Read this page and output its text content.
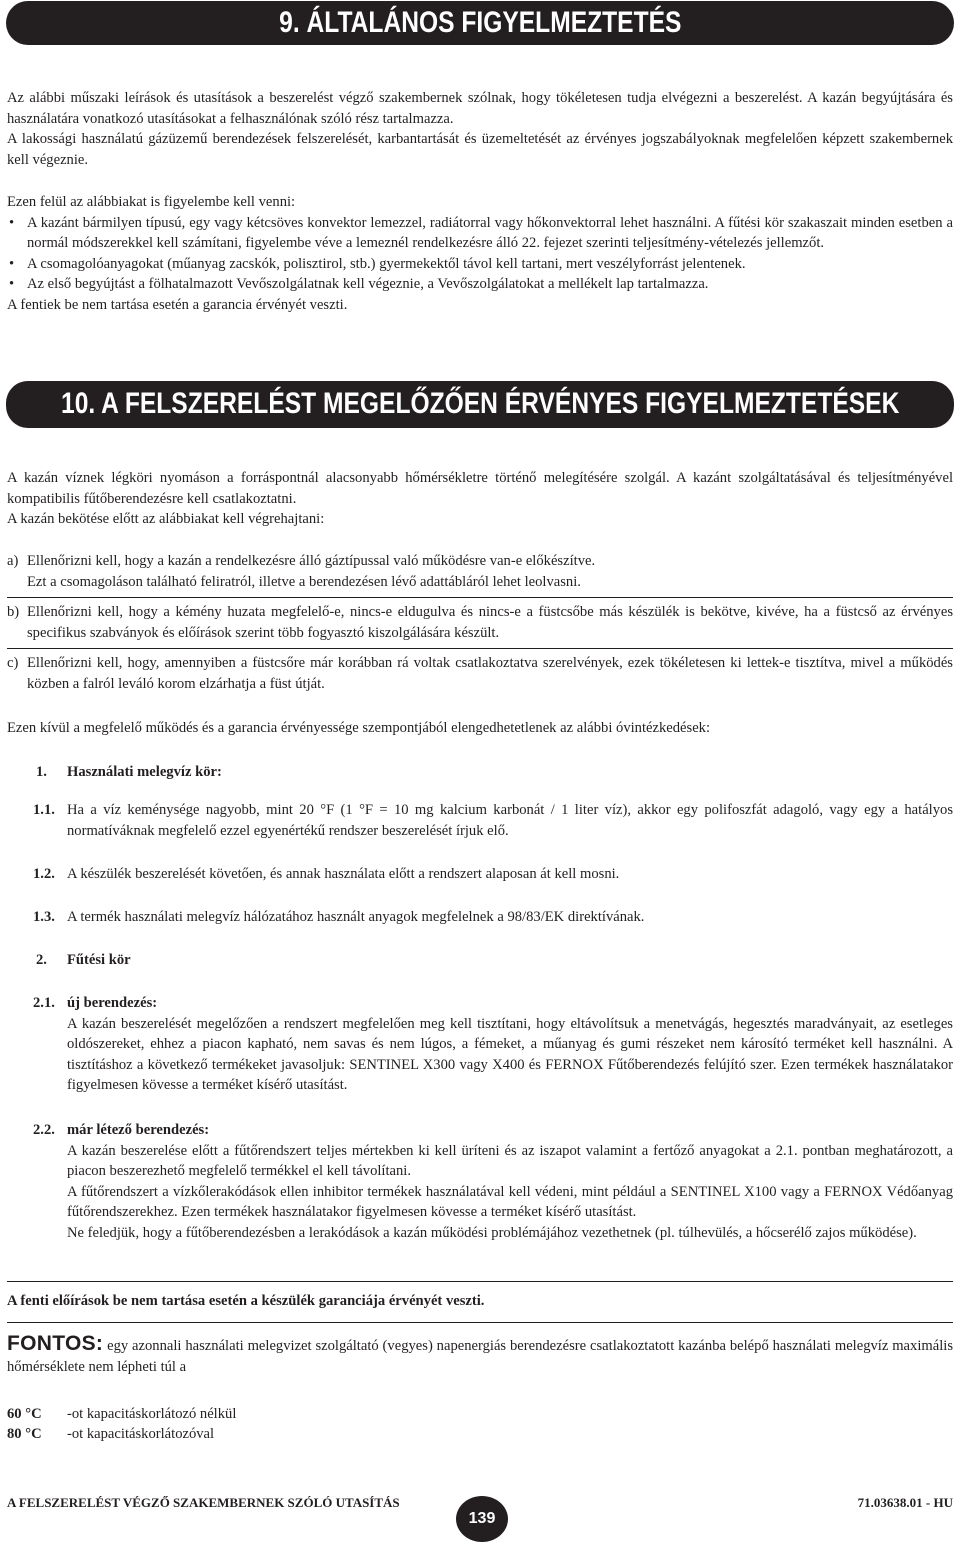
9. ÁLTALÁNOS FIGYELMEZTETÉS

Az alábbi műszaki leírások és utasítások a beszerelést végző szakembernek szólnak, hogy tökéletesen tudja elvégezni a beszerelést. A kazán begyújtására és használatára vonatkozó utasításokat a felhasználónak szóló rész tartalmazza.

A lakossági használatú gázüzemű berendezések felszerelését, karbantartását és üzemeltetését az érvényes jogszabályoknak megfelelően képzett szakembernek kell végeznie.

Ezen felül az alábbiakat is figyelembe kell venni:

• A kazánt bármilyen típusú, egy vagy kétcsöves konvektor lemezzel, radiátorral vagy hőkonvektorral lehet használni. A fűtési kör szakaszait minden esetben a normál módszerekkel kell számítani, figyelembe véve a lemeznél rendelkezésre álló 22. fejezet szerinti teljesítmény-vételezés jellemzőt.
• A csomagolóanyagokat (műanyag zacskók, polisztirol, stb.) gyermekektől távol kell tartani, mert veszélyforrást jelentenek.
• Az első begyújtást a fölhatalmazott Vevőszolgálatnak kell végeznie, a Vevőszolgálatokat a mellékelt lap tartalmazza.

A fentiek be nem tartása esetén a garancia érvényét veszti.

10. A FELSZERELÉST MEGELŐZŐEN ÉRVÉNYES FIGYELMEZTETÉSEK

A kazán víznek légköri nyomáson a forráspontnál alacsonyabb hőmérsékletre történő melegítésére szolgál. A kazánt szolgáltatásával és teljesítményével kompatibilis fűtőberendezésre kell csatlakoztatni.

A kazán bekötése előtt az alábbiakat kell végrehajtani:

a) Ellenőrizni kell, hogy a kazán a rendelkezésre álló gáztípussal való működésre van-e előkészítve.

Ezt a csomagoláson található feliratról, illetve a berendezésen lévő adattábláról lehet leolvasni.

b) Ellenőrizni kell, hogy a kémény huzata megfelelő-e, nincs-e eldugulva és nincs-e a füstcsőbe más készülék is bekötve, kivéve, ha a füstcső az érvényes specifikus szabványok és előírások szerint több fogyasztó kiszolgálására készült.

c) Ellenőrizni kell, hogy, amennyiben a füstcsőre már korábban rá voltak csatlakoztatva szerelvények, ezek tökéletesen ki lettek-e tisztítva, mivel a működés közben a falról leváló korom elzárhatja a füst útját.

Ezen kívül a megfelelő működés és a garancia érvényessége szempontjából elengedhetetlenek az alábbi óvintézkedések:

1. Használati melegvíz kör:
1.1. Ha a víz keménysége nagyobb, mint 20 °F (1 °F = 10 mg kalcium karbonát / 1 liter víz), akkor egy polifoszfát adagoló, vagy egy a hatályos normatíváknak megfelelő ezzel egyenértékű rendszer beszerelését írjuk elő.
1.2. A készülék beszerelését követően, és annak használata előtt a rendszert alaposan át kell mosni.
1.3. A termék használati melegvíz hálózatához használt anyagok megfelelnek a 98/83/EK direktívának.
2. Fűtési kör
2.1. új berendezés:

A kazán beszerelését megelőzően a rendszert megfelelően meg kell tisztítani, hogy eltávolítsuk a menetvágás, hegesztés maradványait, az esetleges oldószereket, ehhez a piacon kapható, nem savas és nem lúgos, a fémeket, a műanyag és gumi részeket nem károsító terméket kell használni. A tisztításhoz a következő termékeket javasoljuk: SENTINEL X300 vagy X400 és FERNOX Fűtőberendezés felújító szer. Ezen termékek használatakor figyelmesen kövesse a terméket kísérő utasítást.

2.2. már létező berendezés:

A kazán beszerelése előtt a fűtőrendszert teljes mértekben ki kell üríteni és az iszapot valamint a fertőző anyagokat a 2.1. pontban meghatározott, a piacon beszerezhető megfelelő termékkel el kell távolítani.

A fűtőrendszert a vízkőlerakódások ellen inhibitor termékek használatával kell védeni, mint például a SENTINEL X100 vagy a FERNOX Védőanyag fűtőrendszerekhez. Ezen termékek használatakor figyelmesen kövesse a terméket kísérő utasítást.

Ne feledjük, hogy a fűtőberendezésben a lerakódások a kazán működési problémájához vezethetnek (pl. túlhevülés, a hőcserélő zajos működése).

A fenti előírások be nem tartása esetén a készülék garanciája érvényét veszti.

FONTOS: egy azonnali használati melegvizet szolgáltató (vegyes) napenergiás berendezésre csatlakoztatott kazánba belépő használati melegvíz maximális hőmérséklete nem lépheti túl a

60 °C	-ot kapacitáskorlátozó nélkül
80 °C	-ot kapacitáskorlátozóval
A FELSZERELÉST VÉGZŐ SZAKEMBERNEK SZÓLÓ UTASÍTÁS
139
71.03638.01 - HU
